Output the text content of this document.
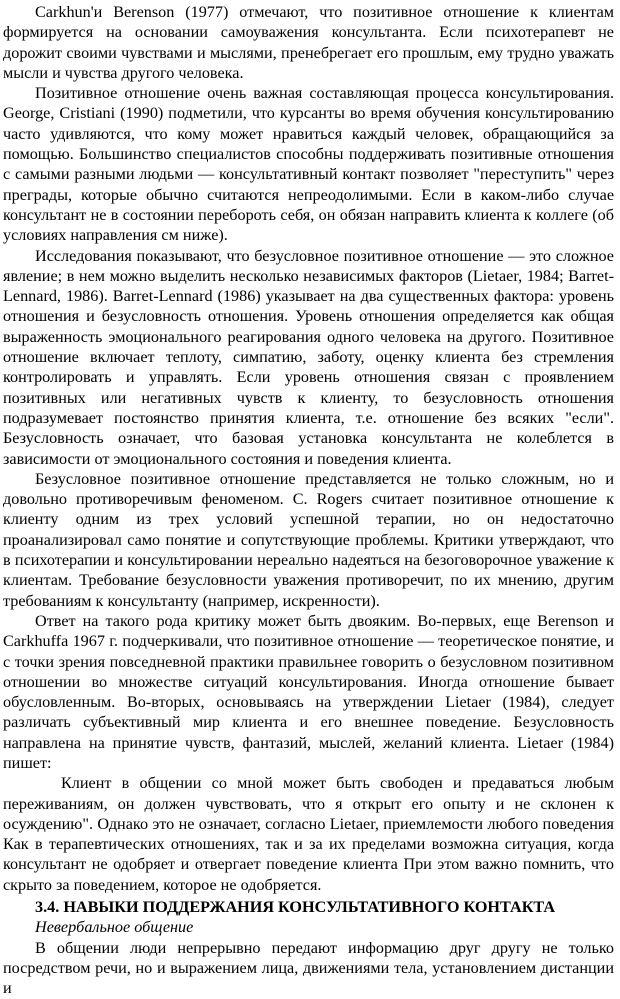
Carkhun'и Berenson (1977) отмечают, что позитивное отношение к клиентам формируется на основании самоуважения консультанта. Если психотерапевт не дорожит своими чувствами и мыслями, пренебрегает его прошлым, ему трудно уважать мысли и чувства другого человека.

Позитивное отношение очень важная составляющая процесса консультирования. George, Cristiani (1990) подметили, что курсанты во время обучения консультированию часто удивляются, что кому может нравиться каждый человек, обращающийся за помощью. Большинство специалистов способны поддерживать позитивные отношения с самыми разными людьми — консультативный контакт позволяет "переступить" через преграды, которые обычно считаются непреодолимыми. Если в каком-либо случае консультант не в состоянии перебороть себя, он обязан направить клиента к коллеге (об условиях направления см ниже).

Исследования показывают, что безусловное позитивное отношение — это сложное явление; в нем можно выделить несколько независимых факторов (Lietaer, 1984; Barret-Lennard, 1986). Barret-Lennard (1986) указывает на два существенных фактора: уровень отношения и безусловность отношения. Уровень отношения определяется как общая выраженность эмоционального реагирования одного человека на другого. Позитивное отношение включает теплоту, симпатию, заботу, оценку клиента без стремления контролировать и управлять. Если уровень отношения связан с проявлением позитивных или негативных чувств к клиенту, то безусловность отношения подразумевает постоянство принятия клиента, т.е. отношение без всяких "если". Безусловность означает, что базовая установка консультанта не колеблется в зависимости от эмоционального состояния и поведения клиента.

Безусловное позитивное отношение представляется не только сложным, но и довольно противоречивым феноменом. C. Rogers считает позитивное отношение к клиенту одним из трех условий успешной терапии, но он недостаточно проанализировал само понятие и сопутствующие проблемы. Критики утверждают, что в психотерапии и консультировании нереально надеяться на безоговорочное уважение к клиентам. Требование безусловности уважения противоречит, по их мнению, другим требованиям к консультанту (например, искренности).

Ответ на такого рода критику может быть двояким. Во-первых, еще Berenson и Carkhuffa 1967 г. подчеркивали, что позитивное отношение — теоретическое понятие, и с точки зрения повседневной практики правильнее говорить о безусловном позитивном отношении во множестве ситуаций консультирования. Иногда отношение бывает обусловленным. Во-вторых, основываясь на утверждении Lietaer (1984), следует различать субъективный мир клиента и его внешнее поведение. Безусловность направлена на принятие чувств, фантазий, мыслей, желаний клиента. Lietaer (1984) пишет:

Клиент в общении со мной может быть свободен и предаваться любым переживаниям, он должен чувствовать, что я открыт его опыту и не склонен к осуждению". Однако это не означает, согласно Lietaer, приемлемости любого поведения Как в терапевтических отношениях, так и за их пределами возможна ситуация, когда консультант не одобряет и отвергает поведение клиента При этом важно помнить, что скрыто за поведением, которое не одобряется.

3.4. НАВЫКИ ПОДДЕРЖАНИЯ КОНСУЛЬТАТИВНОГО КОНТАКТА

Невербальное общение

В общении люди непрерывно передают информацию друг другу не только посредством речи, но и выражением лица, движениями тела, установлением дистанции и
